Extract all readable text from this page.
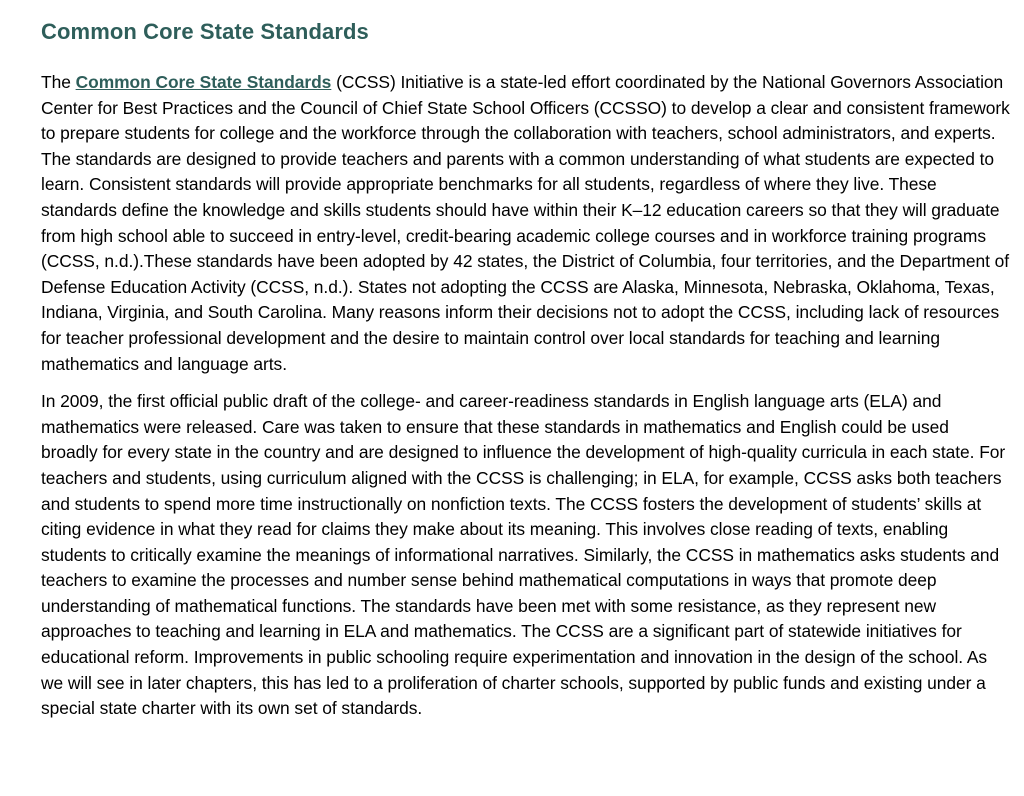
Common Core State Standards

The Common Core State Standards (CCSS) Initiative is a state-led effort coordinated by the National Governors Association Center for Best Practices and the Council of Chief State School Officers (CCSSO) to develop a clear and consistent framework to prepare students for college and the workforce through the collaboration with teachers, school administrators, and experts. The standards are designed to provide teachers and parents with a common understanding of what students are expected to learn. Consistent standards will provide appropriate benchmarks for all students, regardless of where they live. These standards define the knowledge and skills students should have within their K–12 education careers so that they will graduate from high school able to succeed in entry-level, credit-bearing academic college courses and in workforce training programs (CCSS, n.d.).These standards have been adopted by 42 states, the District of Columbia, four territories, and the Department of Defense Education Activity (CCSS, n.d.). States not adopting the CCSS are Alaska, Minnesota, Nebraska, Oklahoma, Texas, Indiana, Virginia, and South Carolina. Many reasons inform their decisions not to adopt the CCSS, including lack of resources for teacher professional development and the desire to maintain control over local standards for teaching and learning mathematics and language arts.

In 2009, the first official public draft of the college- and career-readiness standards in English language arts (ELA) and mathematics were released. Care was taken to ensure that these standards in mathematics and English could be used broadly for every state in the country and are designed to influence the development of high-quality curricula in each state. For teachers and students, using curriculum aligned with the CCSS is challenging; in ELA, for example, CCSS asks both teachers and students to spend more time instructionally on nonfiction texts. The CCSS fosters the development of students’ skills at citing evidence in what they read for claims they make about its meaning. This involves close reading of texts, enabling students to critically examine the meanings of informational narratives. Similarly, the CCSS in mathematics asks students and teachers to examine the processes and number sense behind mathematical computations in ways that promote deep understanding of mathematical functions. The standards have been met with some resistance, as they represent new approaches to teaching and learning in ELA and mathematics. The CCSS are a significant part of statewide initiatives for educational reform. Improvements in public schooling require experimentation and innovation in the design of the school. As we will see in later chapters, this has led to a proliferation of charter schools, supported by public funds and existing under a special state charter with its own set of standards.
